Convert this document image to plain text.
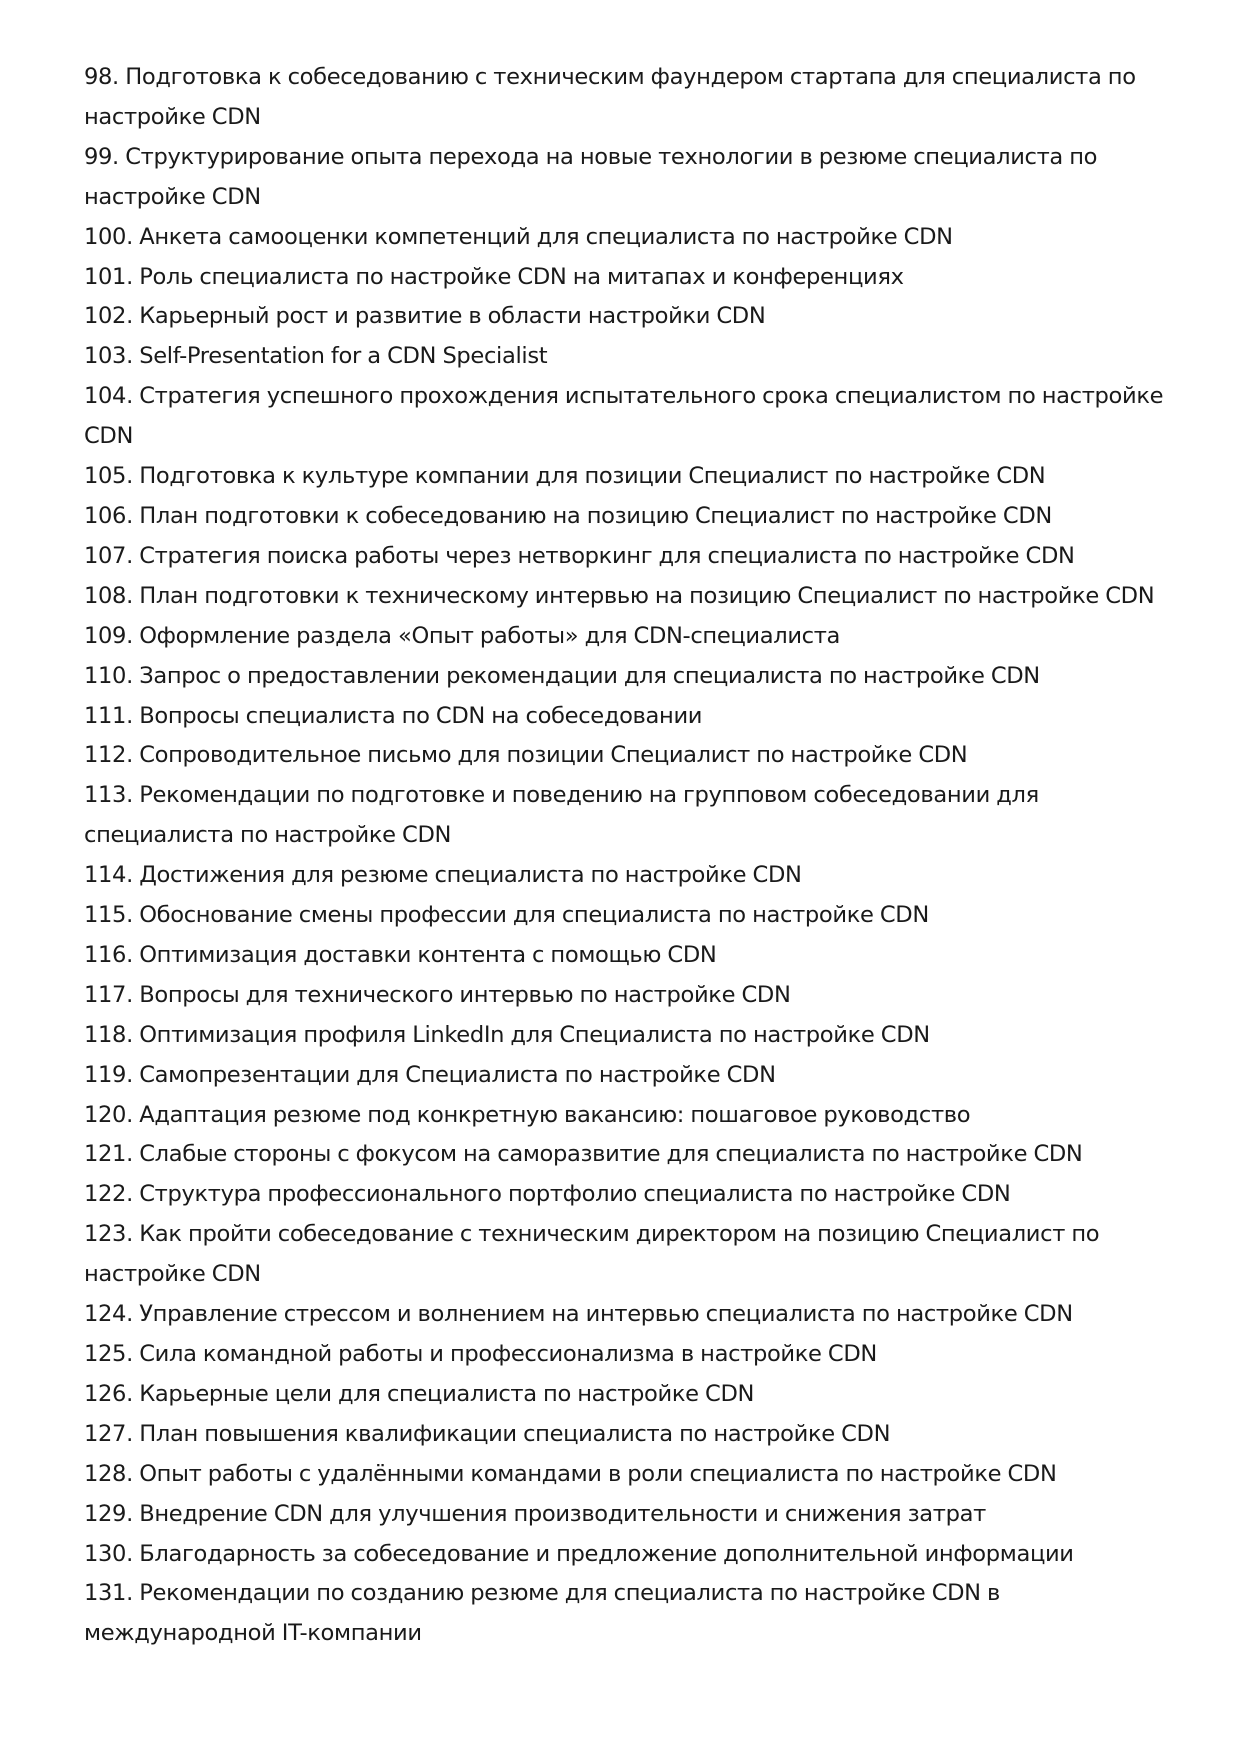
98. Подготовка к собеседованию с техническим фаундером стартапа для специалиста по настройке CDN

99. Структурирование опыта перехода на новые технологии в резюме специалиста по настройке CDN

100. Анкета самооценки компетенций для специалиста по настройке CDN

101. Роль специалиста по настройке CDN на митапах и конференциях

102. Карьерный рост и развитие в области настройки CDN

103. Self-Presentation for a CDN Specialist

104. Стратегия успешного прохождения испытательного срока специалистом по настройке CDN

105. Подготовка к культуре компании для позиции Специалист по настройке CDN

106. План подготовки к собеседованию на позицию Специалист по настройке CDN

107. Стратегия поиска работы через нетворкинг для специалиста по настройке CDN

108. План подготовки к техническому интервью на позицию Специалист по настройке CDN

109. Оформление раздела «Опыт работы» для CDN-специалиста

110. Запрос о предоставлении рекомендации для специалиста по настройке CDN

111. Вопросы специалиста по CDN на собеседовании

112. Сопроводительное письмо для позиции Специалист по настройке CDN

113. Рекомендации по подготовке и поведению на групповом собеседовании для специалиста по настройке CDN

114. Достижения для резюме специалиста по настройке CDN

115. Обоснование смены профессии для специалиста по настройке CDN

116. Оптимизация доставки контента с помощью CDN

117. Вопросы для технического интервью по настройке CDN

118. Оптимизация профиля LinkedIn для Специалиста по настройке CDN

119. Самопрезентации для Специалиста по настройке CDN

120. Адаптация резюме под конкретную вакансию: пошаговое руководство

121. Слабые стороны с фокусом на саморазвитие для специалиста по настройке CDN

122. Структура профессионального портфолио специалиста по настройке CDN

123. Как пройти собеседование с техническим директором на позицию Специалист по настройке CDN

124. Управление стрессом и волнением на интервью специалиста по настройке CDN

125. Сила командной работы и профессионализма в настройке CDN

126. Карьерные цели для специалиста по настройке CDN

127. План повышения квалификации специалиста по настройке CDN

128. Опыт работы с удалёнными командами в роли специалиста по настройке CDN

129. Внедрение CDN для улучшения производительности и снижения затрат

130. Благодарность за собеседование и предложение дополнительной информации

131. Рекомендации по созданию резюме для специалиста по настройке CDN в международной IT-компании
